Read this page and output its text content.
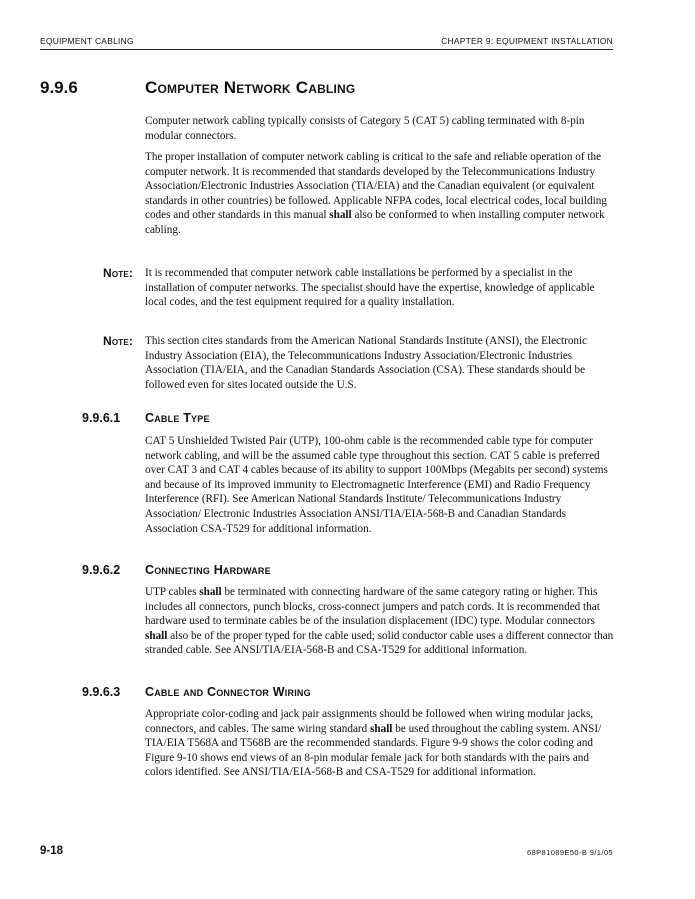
EQUIPMENT CABLING	CHAPTER 9: EQUIPMENT INSTALLATION
9.9.6	Computer Network Cabling

Computer network cabling typically consists of Category 5 (CAT 5) cabling terminated with 8-pin modular connectors.

The proper installation of computer network cabling is critical to the safe and reliable operation of the computer network. It is recommended that standards developed by the Telecommunications Industry Association/Electronic Industries Association (TIA/EIA) and the Canadian equivalent (or equivalent standards in other countries) be followed. Applicable NFPA codes, local electrical codes, local building codes and other standards in this manual shall also be conformed to when installing computer network cabling.

Note: It is recommended that computer network cable installations be performed by a specialist in the installation of computer networks. The specialist should have the expertise, knowledge of applicable local codes, and the test equipment required for a quality installation.
Note: This section cites standards from the American National Standards Institute (ANSI), the Electronic Industry Association (EIA), the Telecommunications Industry Association/Electronic Industries Association (TIA/EIA, and the Canadian Standards Association (CSA). These standards should be followed even for sites located outside the U.S.
9.9.6.1 Cable Type

CAT 5 Unshielded Twisted Pair (UTP), 100-ohm cable is the recommended cable type for computer network cabling, and will be the assumed cable type throughout this section. CAT 5 cable is preferred over CAT 3 and CAT 4 cables because of its ability to support 100Mbps (Megabits per second) systems and because of its improved immunity to Electromagnetic Interference (EMI) and Radio Frequency Interference (RFI). See American National Standards Institute/ Telecommunications Industry Association/ Electronic Industries Association ANSI/TIA/EIA-568-B and Canadian Standards Association CSA-T529 for additional information.

9.9.6.2 Connecting Hardware

UTP cables shall be terminated with connecting hardware of the same category rating or higher. This includes all connectors, punch blocks, cross-connect jumpers and patch cords. It is recommended that hardware used to terminate cables be of the insulation displacement (IDC) type. Modular connectors shall also be of the proper typed for the cable used; solid conductor cable uses a different connector than stranded cable. See ANSI/TIA/EIA-568-B and CSA-T529 for additional information.

9.9.6.3 Cable and Connector Wiring

Appropriate color-coding and jack pair assignments should be followed when wiring modular jacks, connectors, and cables. The same wiring standard shall be used throughout the cabling system. ANSI/ TIA/EIA T568A and T568B are the recommended standards. Figure 9-9 shows the color coding and Figure 9-10 shows end views of an 8-pin modular female jack for both standards with the pairs and colors identified. See ANSI/TIA/EIA-568-B and CSA-T529 for additional information.

9-18	68P81089E50-B 9/1/05
